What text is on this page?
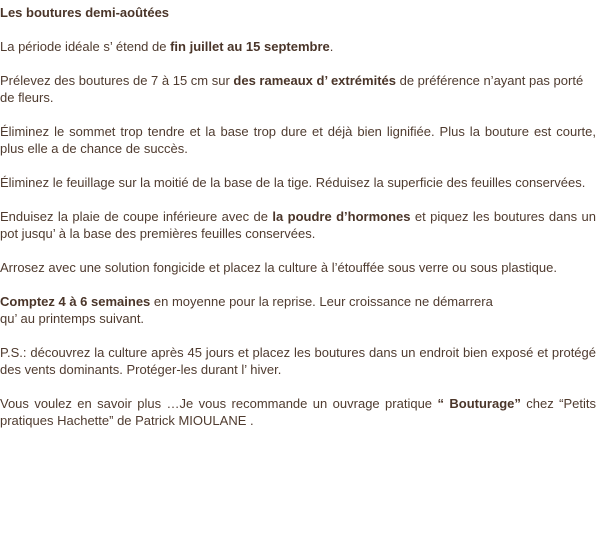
Les boutures demi-aoûtées

La période idéale s’ étend de fin juillet au 15 septembre.

Prélevez des boutures de 7 à 15 cm sur des rameaux d’ extrémités de préférence n’ayant pas porté de fleurs.

Éliminez le sommet trop tendre et la base trop dure et déjà bien lignifiée. Plus la bouture est courte, plus elle a de chance de succès.

Éliminez le feuillage sur la moitié de la base de la tige. Réduisez la superficie des feuilles conservées.

Enduisez la plaie de coupe inférieure avec de la poudre d’hormones et piquez les boutures dans un pot jusqu’ à la base des premières feuilles conservées.

Arrosez avec une solution fongicide et placez la culture à l’étouffée sous verre ou sous plastique.

Comptez 4 à 6 semaines en moyenne pour la reprise. Leur croissance ne démarrera
qu’ au printemps suivant.

P.S.: découvrez la culture après 45 jours et placez les boutures dans un endroit bien exposé et protégé des vents dominants. Protéger-les durant l’ hiver.

Vous voulez en savoir plus …Je vous recommande un ouvrage pratique “ Bouturage” chez “Petits pratiques Hachette” de Patrick MIOULANE .
